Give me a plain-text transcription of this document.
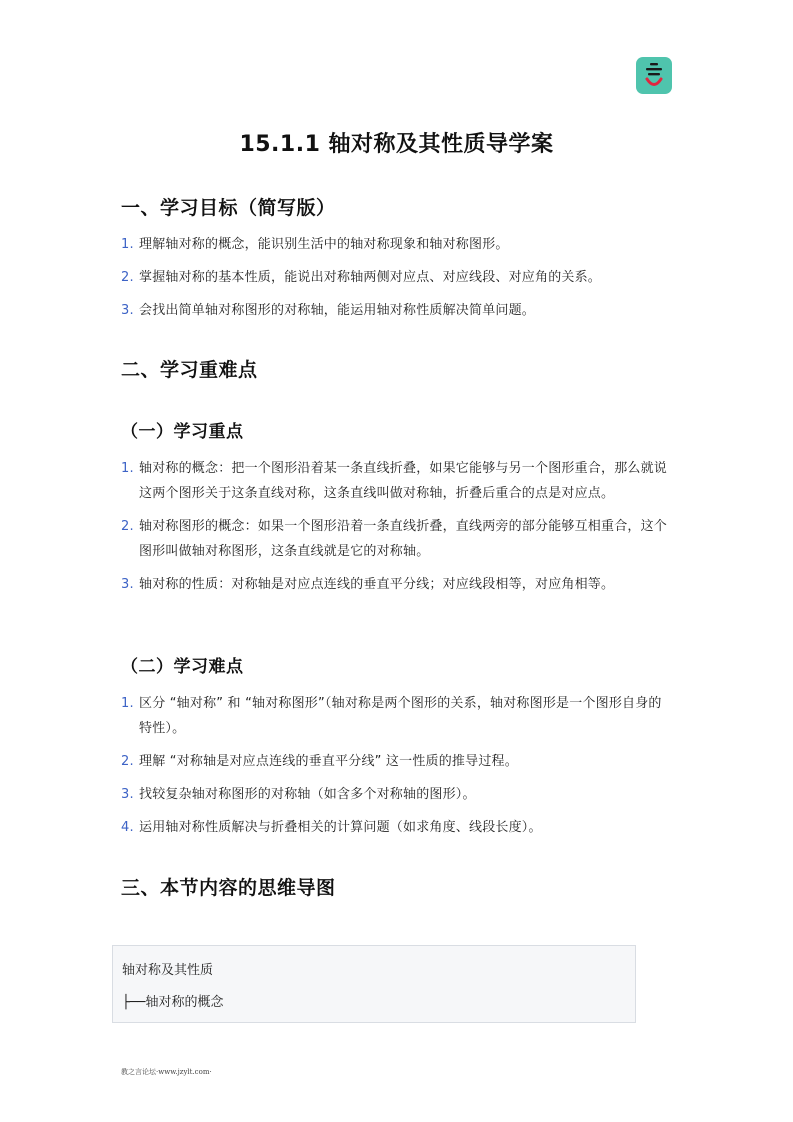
15.1.1 轴对称及其性质导学案
一、学习目标（简写版）
1. 理解轴对称的概念，能识别生活中的轴对称现象和轴对称图形。
2. 掌握轴对称的基本性质，能说出对称轴两侧对应点、对应线段、对应角的关系。
3. 会找出简单轴对称图形的对称轴，能运用轴对称性质解决简单问题。
二、学习重难点
（一）学习重点
1. 轴对称的概念：把一个图形沿着某一条直线折叠，如果它能够与另一个图形重合，那么就说这两个图形关于这条直线对称，这条直线叫做对称轴，折叠后重合的点是对应点。
2. 轴对称图形的概念：如果一个图形沿着一条直线折叠，直线两旁的部分能够互相重合，这个图形叫做轴对称图形，这条直线就是它的对称轴。
3. 轴对称的性质：对称轴是对应点连线的垂直平分线；对应线段相等，对应角相等。
（二）学习难点
1. 区分 “轴对称” 和 “轴对称图形”（轴对称是两个图形的关系，轴对称图形是一个图形自身的特性）。
2. 理解 “对称轴是对应点连线的垂直平分线” 这一性质的推导过程。
3. 找较复杂轴对称图形的对称轴（如含多个对称轴的图形）。
4. 运用轴对称性质解决与折叠相关的计算问题（如求角度、线段长度）。
三、本节内容的思维导图
轴对称及其性质
├──轴对称的概念
教之言论坛·www.jzylt.com·
